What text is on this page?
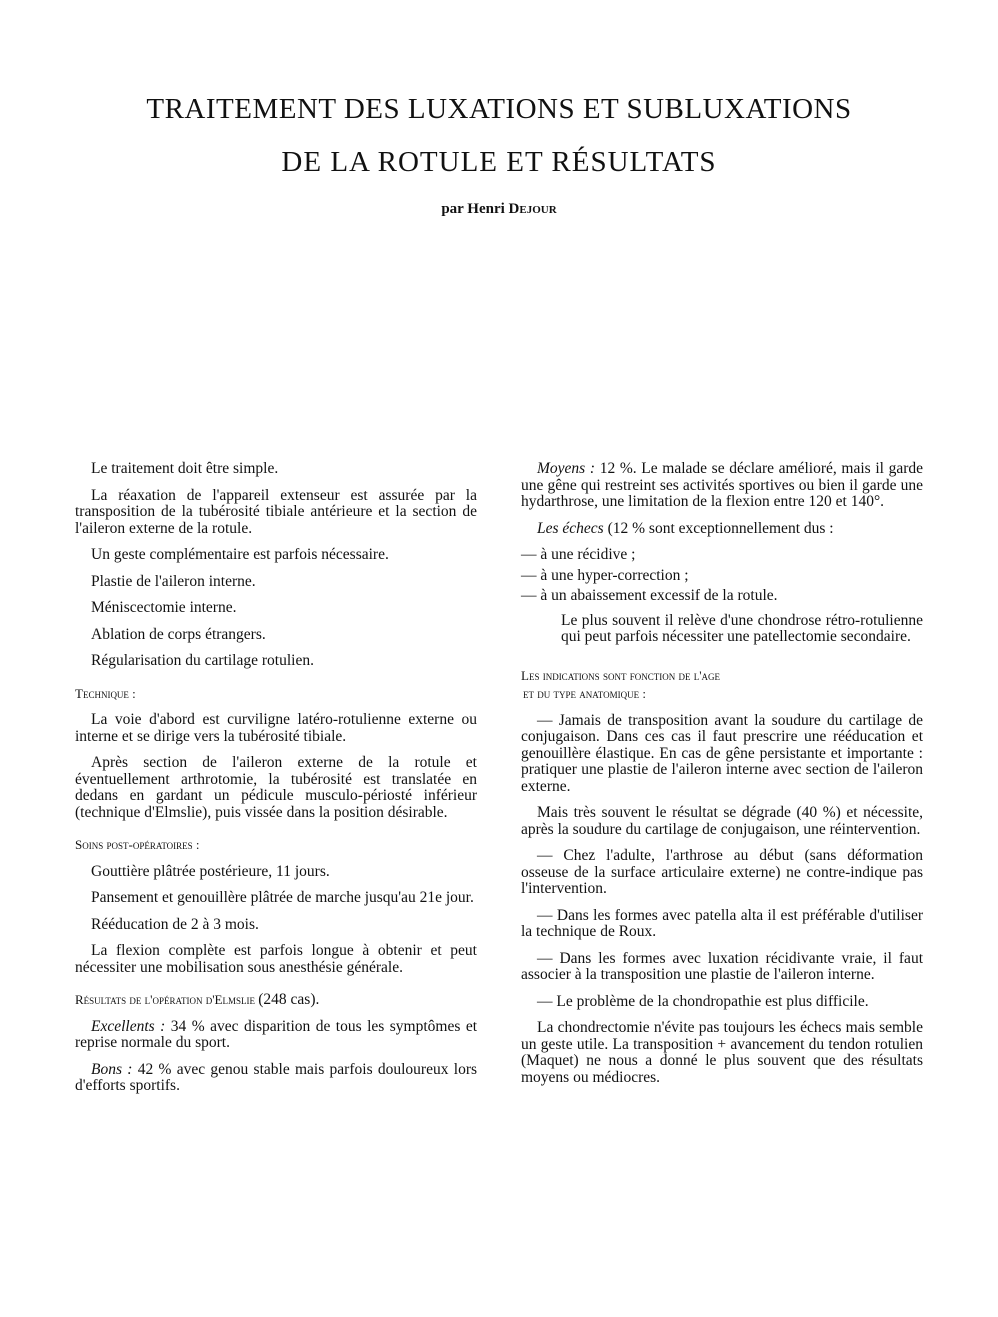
TRAITEMENT DES LUXATIONS ET SUBLUXATIONS
DE LA ROTULE ET RÉSULTATS
par Henri Dejour

Le traitement doit être simple.

La réaxation de l'appareil extenseur est assurée par la transposition de la tubérosité tibiale antérieure et la section de l'aileron externe de la rotule.

Un geste complémentaire est parfois nécessaire.

Plastie de l'aileron interne.

Méniscectomie interne.

Ablation de corps étrangers.

Régularisation du cartilage rotulien.

Technique :

La voie d'abord est curviligne latéro-rotulienne externe ou interne et se dirige vers la tubérosité tibiale.

Après section de l'aileron externe de la rotule et éventuellement arthrotomie, la tubérosité est translatée en dedans en gardant un pédicule musculo-périosté inférieur (technique d'Elmslie), puis vissée dans la position désirable.

Soins post-opératoires :

Gouttière plâtrée postérieure, 11 jours.

Pansement et genouillère plâtrée de marche jusqu'au 21e jour.

Rééducation de 2 à 3 mois.

La flexion complète est parfois longue à obtenir et peut nécessiter une mobilisation sous anesthésie générale.

Résultats de l'opération d'Elmslie (248 cas).

Excellents : 34 % avec disparition de tous les symptômes et reprise normale du sport.

Bons : 42 % avec genou stable mais parfois douloureux lors d'efforts sportifs.

Moyens : 12 %. Le malade se déclare amélioré, mais il garde une gêne qui restreint ses activités sportives ou bien il garde une hydarthrose, une limitation de la flexion entre 120 et 140°.

Les échecs (12 % sont exceptionnellement dus :

— à une récidive ;

— à une hyper-correction ;

— à un abaissement excessif de la rotule.

Le plus souvent il relève d'une chondrose rétro-rotulienne qui peut parfois nécessiter une patellectomie secondaire.

Les indications sont fonction de l'age

et du type anatomique :

— Jamais de transposition avant la soudure du cartilage de conjugaison. Dans ces cas il faut prescrire une rééducation et genouillère élastique. En cas de gêne persistante et importante : pratiquer une plastie de l'aileron interne avec section de l'aileron externe.

Mais très souvent le résultat se dégrade (40 %) et nécessite, après la soudure du cartilage de conjugaison, une réintervention.

— Chez l'adulte, l'arthrose au début (sans déformation osseuse de la surface articulaire externe) ne contre-indique pas l'intervention.

— Dans les formes avec patella alta il est préférable d'utiliser la technique de Roux.

— Dans les formes avec luxation récidivante vraie, il faut associer à la transposition une plastie de l'aileron interne.

— Le problème de la chondropathie est plus difficile.

La chondrectomie n'évite pas toujours les échecs mais semble un geste utile. La transposition + avancement du tendon rotulien (Maquet) ne nous a donné le plus souvent que des résultats moyens ou médiocres.
